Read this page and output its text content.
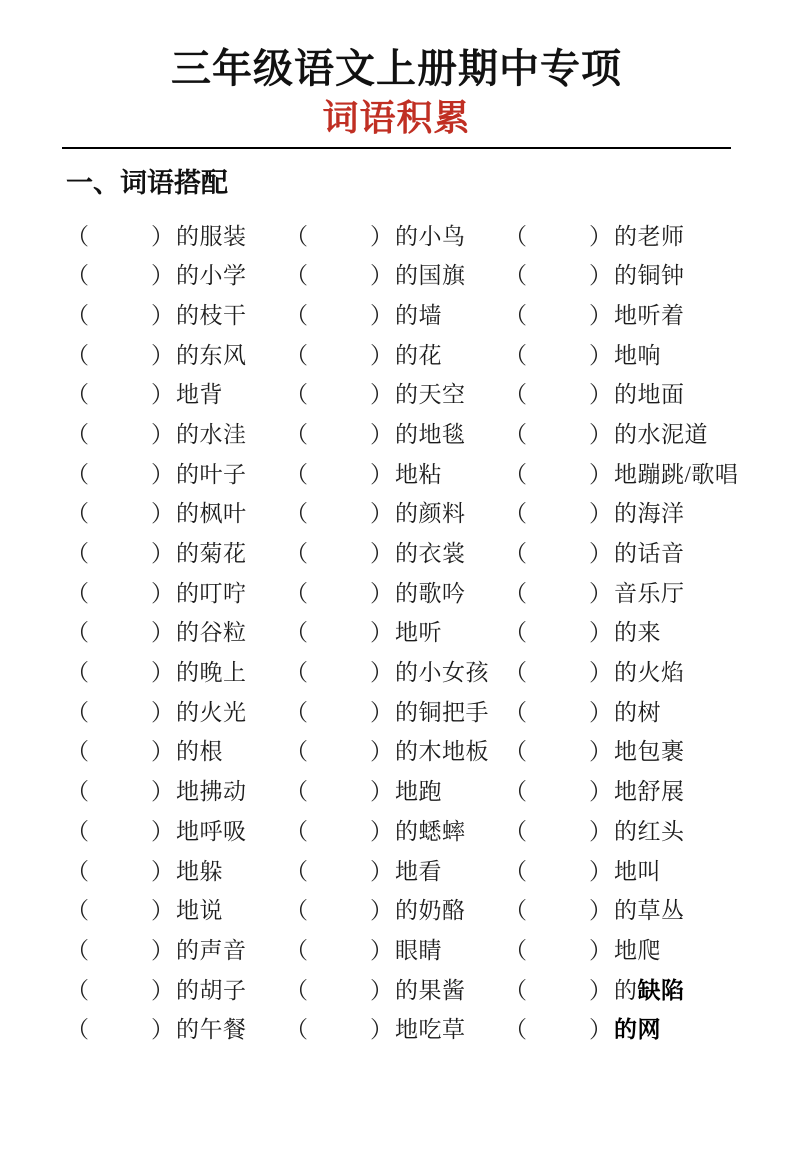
三年级语文上册期中专项
词语积累
一、词语搭配
（	） 的服装 （	） 的小鸟 （	） 的老师
（	） 的小学 （	） 的国旗 （	） 的铜钟
（	） 的枝干 （	） 的墙	（	） 地听着
（	） 的东风 （	） 的花	（	） 地响
（	） 地背	（	） 的天空 （	） 的地面
（	） 的水洼 （	） 的地毯 （	） 的水泥道
（	） 的叶子 （	） 地粘	（	） 地蹦跳/歌唱
（	） 的枫叶 （	） 的颜料 （	） 的海洋
（	） 的菊花 （	） 的衣裳 （	） 的话音
（	） 的叮咛 （	） 的歌吟 （	） 音乐厅
（	） 的谷粒 （	） 地听	（	） 的来
（	） 的晚上 （	） 的小女孩 （	） 的火焰
（	） 的火光 （	） 的铜把手 （	） 的树
（	） 的根	（	） 的木地板 （	） 地包裹
（	） 地拂动 （	） 地跑	（	） 地舒展
（	） 地呼吸 （	） 的蟋蟀 （	） 的红头
（	） 地躲	（	） 地看	（	） 地叫
（	） 地说	（	） 的奶酪 （	） 的草丛
（	） 的声音 （	） 眼睛	（	） 地爬
（	） 的胡子 （	） 的果酱 （	） 的缺陷
（	） 的午餐 （	） 地吃草 （	） 的网
